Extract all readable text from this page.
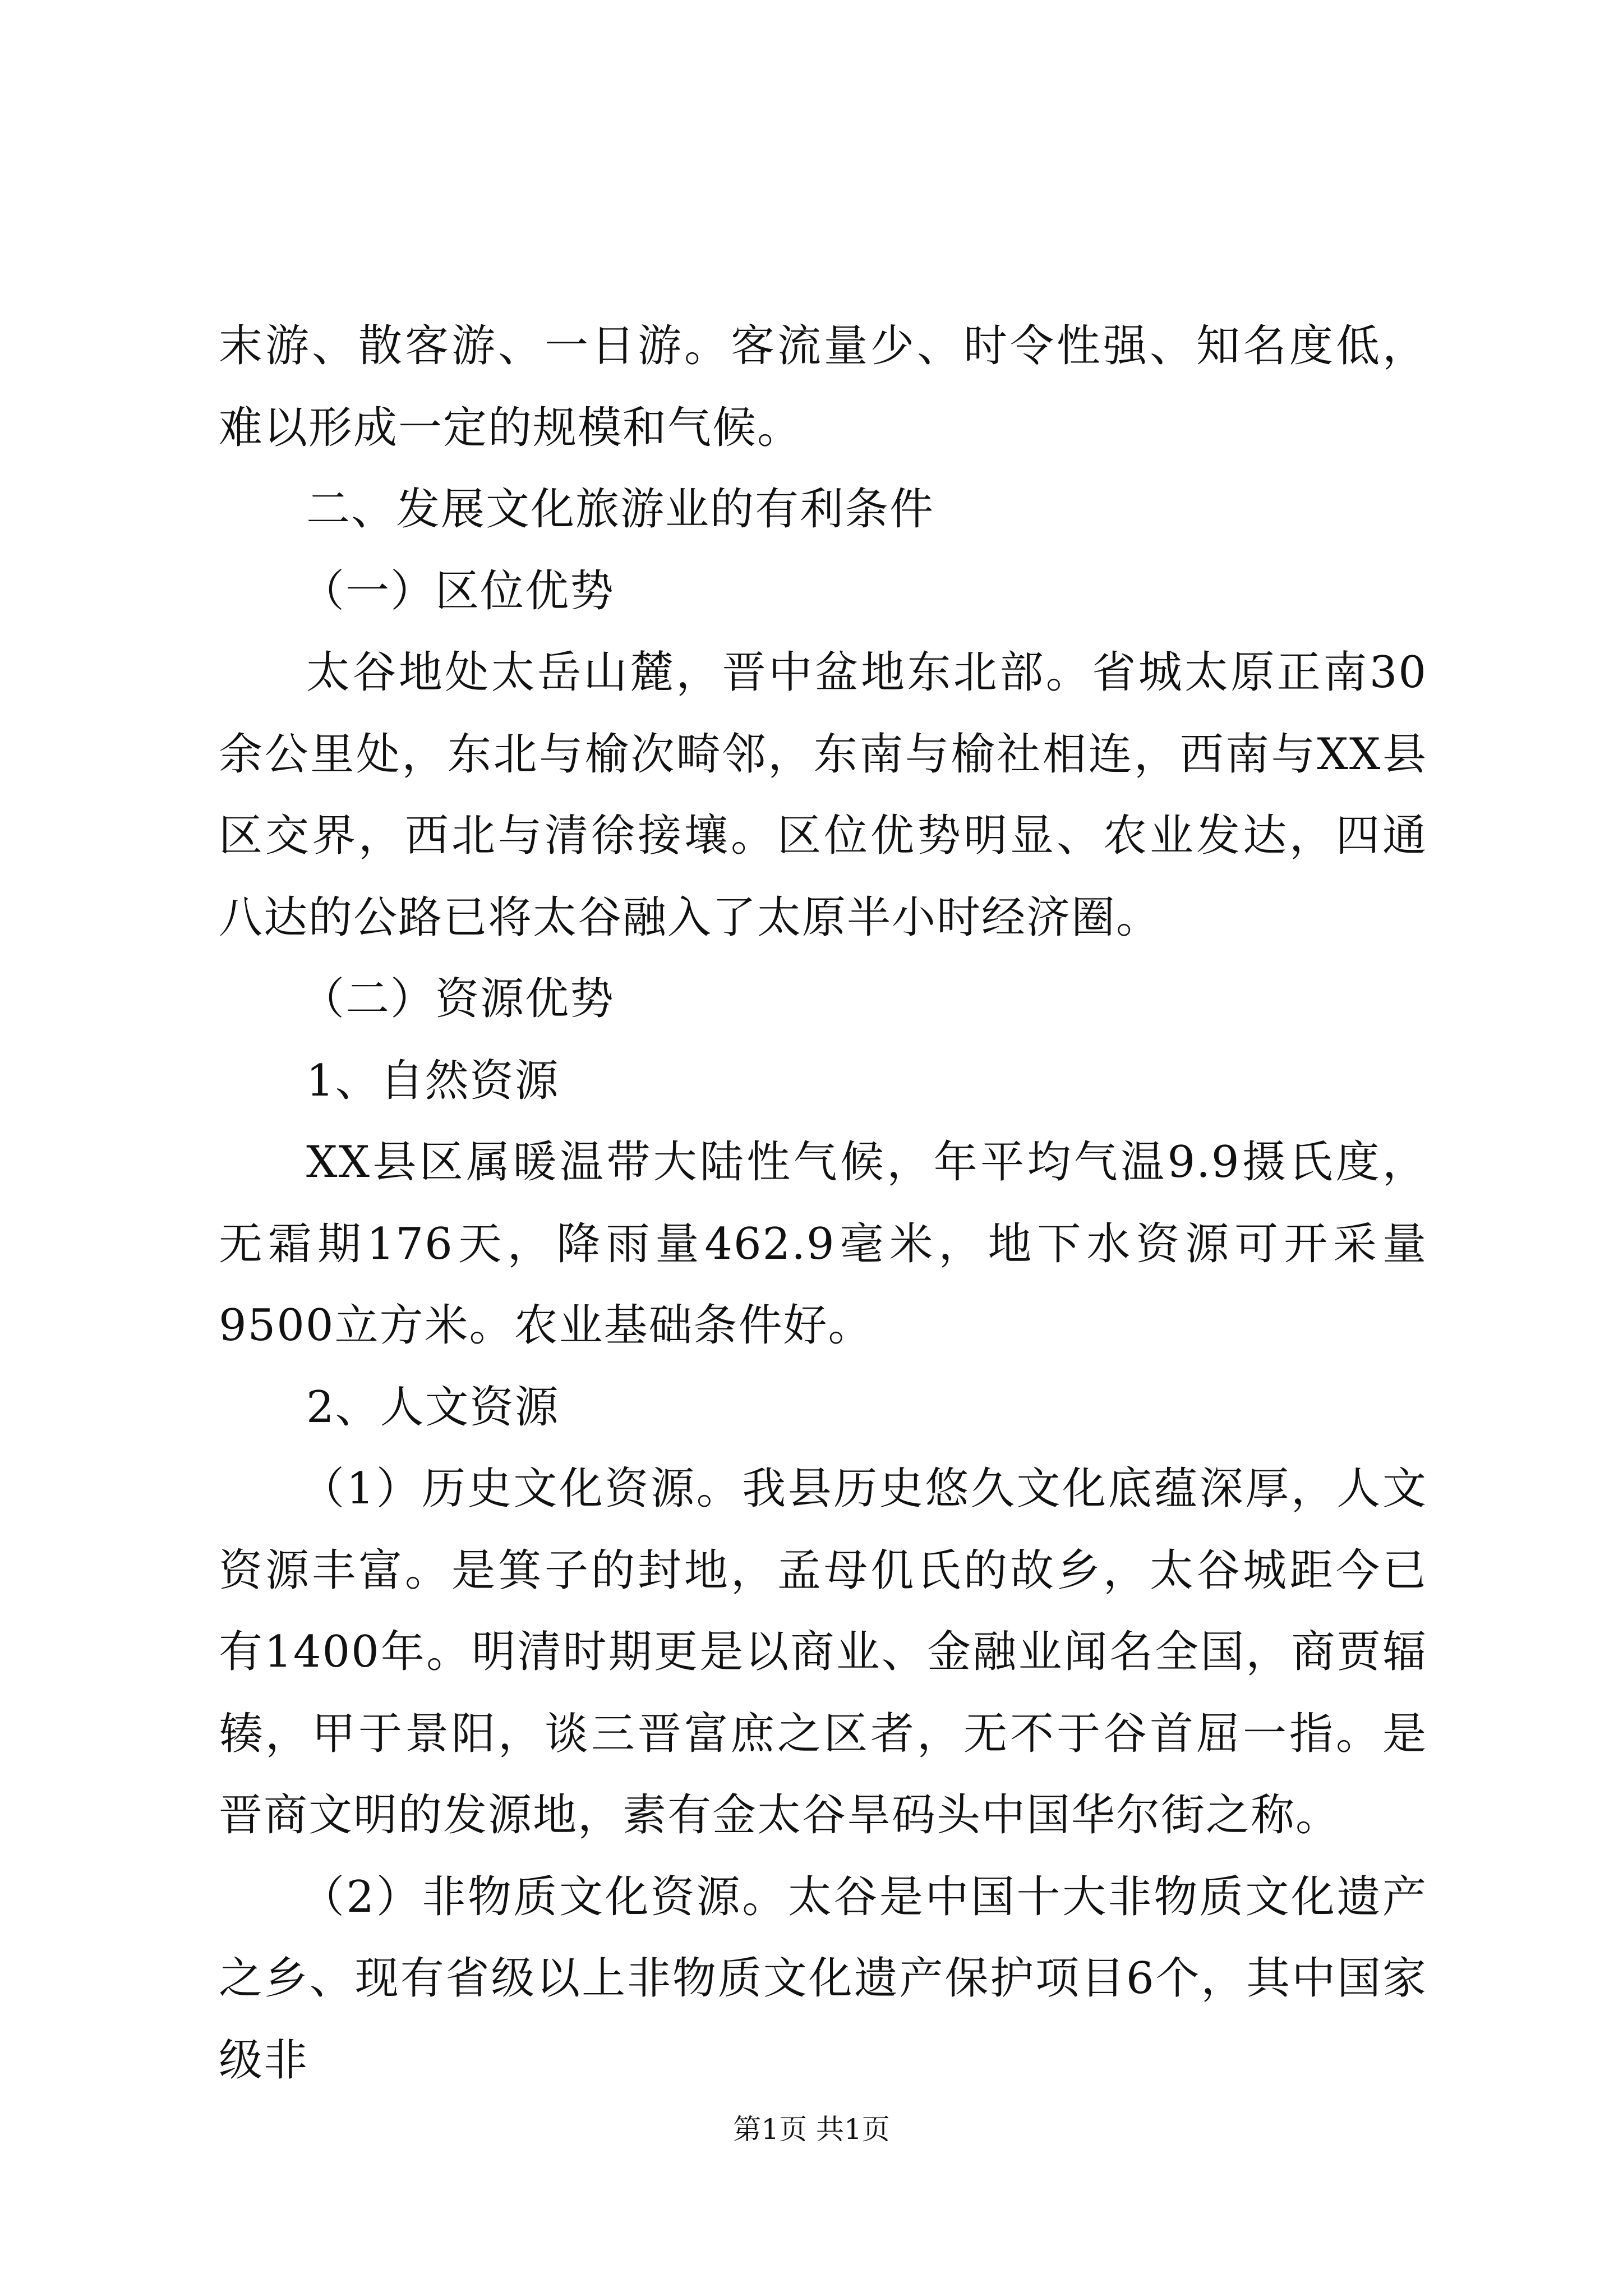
末游、散客游、一日游。客流量少、时令性强、知名度低，难以形成一定的规模和气候。

二、发展文化旅游业的有利条件

（一）区位优势

太谷地处太岳山麓，晋中盆地东北部。省城太原正南30余公里处，东北与榆次畸邻，东南与榆社相连，西南与XX县区交界，西北与清徐接壤。区位优势明显、农业发达，四通八达的公路已将太谷融入了太原半小时经济圈。

（二）资源优势

1、自然资源

XX县区属暖温带大陆性气候，年平均气温9.9摄氏度，无霜期176天，降雨量462.9毫米，地下水资源可开采量9500立方米。农业基础条件好。

2、人文资源

（1）历史文化资源。我县历史悠久文化底蕴深厚，人文资源丰富。是箕子的封地，孟母仉氏的故乡，太谷城距今已有1400年。明清时期更是以商业、金融业闻名全国，商贾辐辏，甲于景阳，谈三晋富庶之区者，无不于谷首屈一指。是晋商文明的发源地，素有金太谷旱码头中国华尔街之称。

（2）非物质文化资源。太谷是中国十大非物质文化遗产之乡、现有省级以上非物质文化遗产保护项目6个，其中国家级非

第1页 共1页
